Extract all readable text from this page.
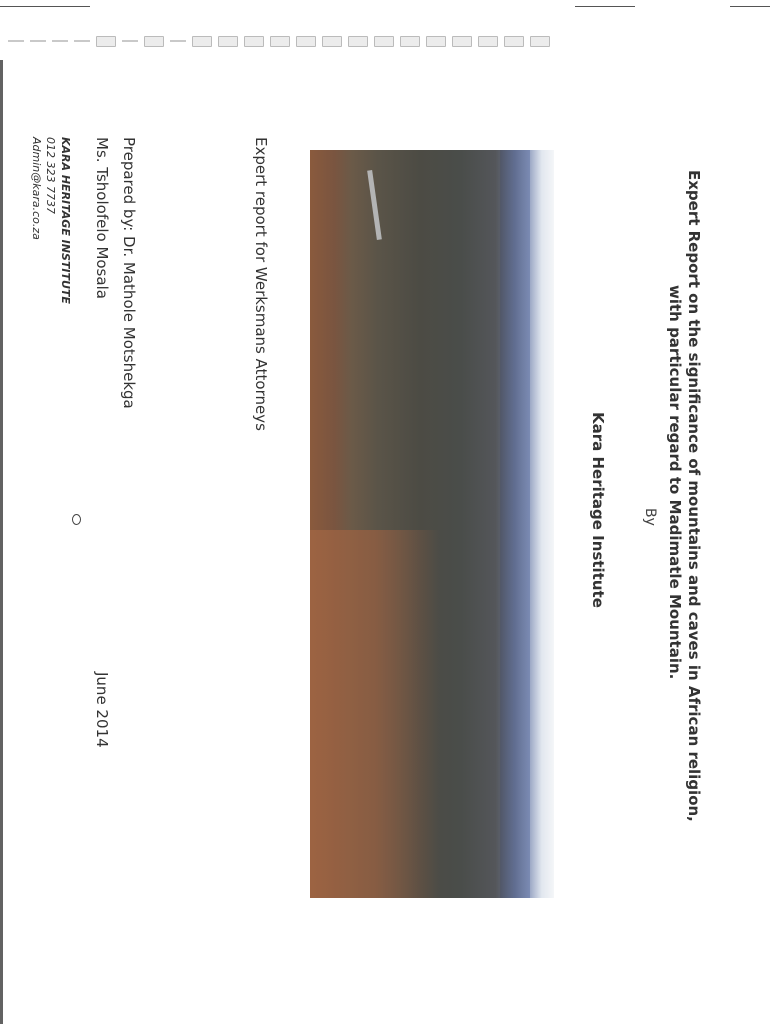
Expert Report on the significance of mountains and caves in African religion,
with particular regard to Madimatle Mountain.
By
Kara Heritage Institute
Expert report for Werksmans Attorneys
Prepared by: Dr. Mathole Motshekga
Ms. Tsholofelo Mosala
June 2014
KARA HERITAGE INSTITUTE
012 323 7737
Admin@kara.co.za
